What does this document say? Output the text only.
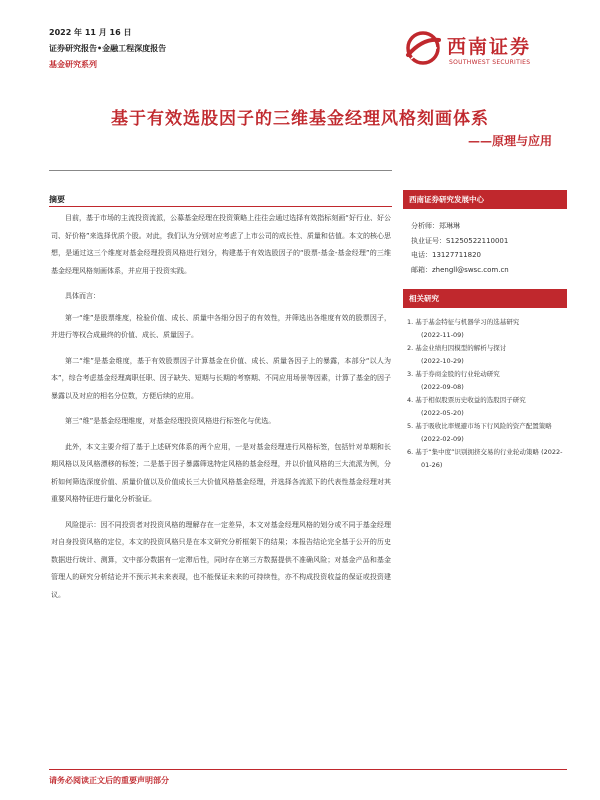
2022 年 11 月 16 日
证券研究报告•金融工程深度报告
基金研究系列
西南证券
SOUTHWEST SECURITIES
基于有效选股因子的三维基金经理风格刻画体系
——原理与应用
摘要

目前，基于市场的主流投资流派，公募基金经理在投资策略上往往会通过选择有效指标刻画“好行业、好公司、好价格”来选择优质个股。对此，我们认为分别对应考虑了上市公司的成长性、质量和估值。本文的核心思想，是通过这三个维度对基金经理投资风格进行划分，构建基于有效选股因子的“股票-基金-基金经理”的三维基金经理风格刻画体系，并应用于投资实践。

具体而言：

第一“维”是股票维度，检验价值、成长、质量中各细分因子的有效性，并筛选出各维度有效的股票因子，并进行等权合成最终的价值、成长、质量因子。

第二“维”是基金维度，基于有效股票因子计算基金在价值、成长、质量各因子上的暴露，本部分“以人为本”，综合考虑基金经理离职任职、因子缺失、短期与长期的考察期、不同应用场景等因素，计算了基金的因子暴露以及对应的相名分位数，方便后续的应用。

第三“维”是基金经理维度，对基金经理投资风格进行标签化与优选。

此外，本文主要介绍了基于上述研究体系的两个应用，一是对基金经理进行风格标签，包括针对单期和长期风格以及风格漂移的标签；二是基于因子暴露筛选特定风格的基金经理，并以价值风格的三大流派为例，分析如何筛选深度价值、质量价值以及价值成长三大价值风格基金经理，并选择各流派下的代表性基金经理对其重要风格特征进行量化分析验证。

风险提示：因不同投资者对投资风格的理解存在一定差异，本文对基金经理风格的划分或不同于基金经理对自身投资风格的定位，本文的投资风格只是在本文研究分析框架下的结果；本报告结论完全基于公开的历史数据进行统计、测算，文中部分数据有一定滞后性，同时存在第三方数据提供不准确风险；对基金产品和基金管理人的研究分析结论并不预示其未来表现，也不能保证未来的可持续性，亦不构成投资收益的保证或投资建议。

西南证券研究发展中心
分析师：郑琳琳
执业证号：S1250522110001
电话：13127711820
邮箱：zhengll@swsc.com.cn
相关研究
1. 基于基金特征与机器学习的选基研究
(2022-11-09)
2. 基金业绩归因模型的解析与探讨
(2022-10-29)
3. 基于券商金股的行业轮动研究
(2022-09-08)
4. 基于相似股票历史收益的选股因子研究
(2022-05-20)
5. 基于吸收比率规避市场下行风险的资产配置策略 (2022-02-09)
6. 基于“集中度”识别拥挤交易的行业轮动策略 (2022-01-26)
请务必阅读正文后的重要声明部分
